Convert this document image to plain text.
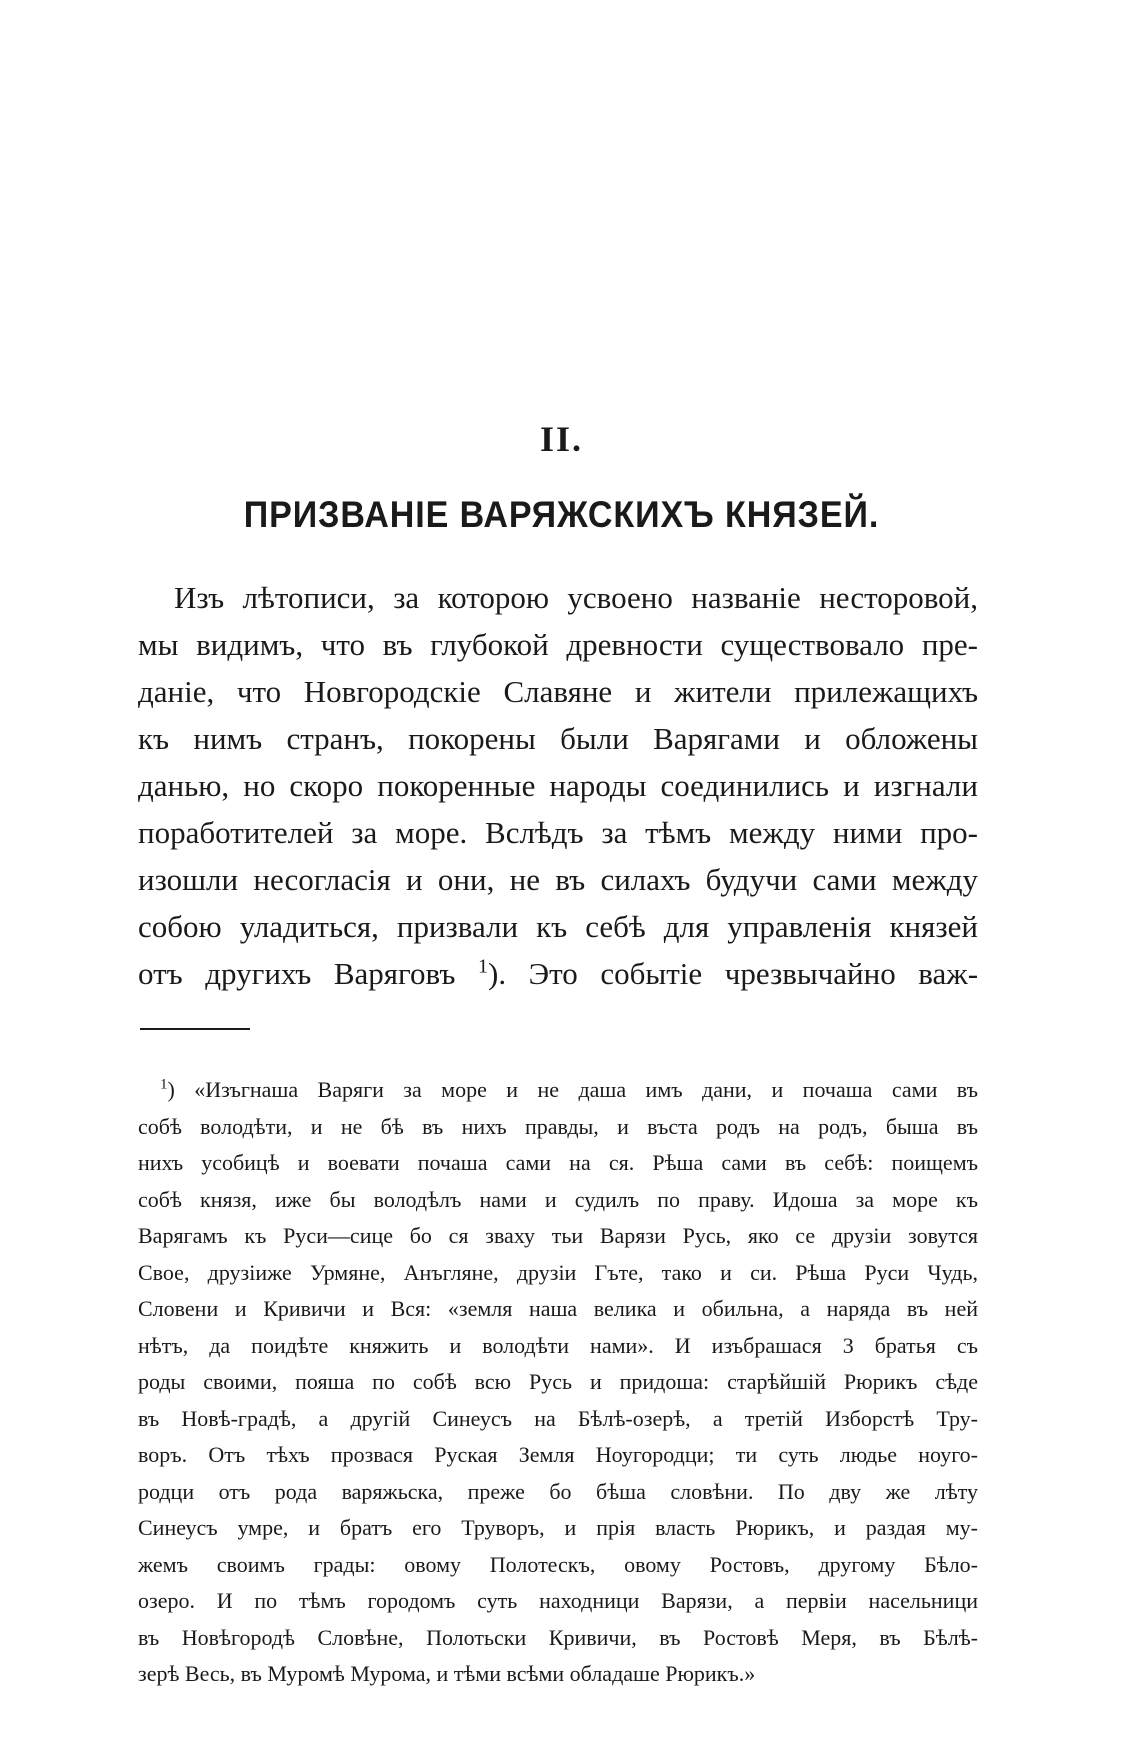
II.
ПРИЗВАНІЕ ВАРЯЖСКИХЪ КНЯЗЕЙ.
Изъ лѣтописи, за которою усвоено названіе несторовой,
мы видимъ, что въ глубокой древности существовало пре-
даніе, что Новгородскіе Славяне и жители прилежащихъ
къ нимъ странъ, покорены были Варягами и обложены
данью, но скоро покоренные народы соединились и изгнали
поработителей за море. Вслѣдъ за тѣмъ между ними про-
изошли несогласія и они, не въ силахъ будучи сами между
собою уладиться, призвали къ себѣ для управленія князей
отъ другихъ Варяговъ $^1$). Это событіе чрезвычайно важ-
$^1$) «Изъгнаша Варяги за море и не даша имъ дани, и почаша сами въ
собѣ володѣти, и не бѣ въ нихъ правды, и въста родъ на родъ, быша въ
нихъ усобицѣ и воевати почаша сами на ся. Рѣша сами въ себѣ: поищемъ
собѣ князя, иже бы володѣлъ нами и судилъ по праву. Идоша за море къ
Варягамъ къ Руси—сице бо ся зваху тьи Варязи Русь, яко се друзіи зовутся
Свое, друзіиже Урмяне, Анъгляне, друзіи Гъте, тако и си. Рѣша Руси Чудь,
Словени и Кривичи и Вся: «земля наша велика и обильна, а наряда въ ней
нѣтъ, да поидѣте княжить и володѣти нами». И изъбрашася 3 братья съ
роды своими, пояша по собѣ всю Русь и придоша: старѣйшій Рюрикъ сѣде
въ Новѣ-градѣ, а другій Синеусъ на Бѣлѣ-озерѣ, а третій Изборстѣ Тру-
воръ. Отъ тѣхъ прозвася Руская Земля Ноугородци; ти суть людье ноуго-
родци отъ рода варяжьска, преже бо бѣша словѣни. По дву же лѣту
Синеусъ умре, и братъ его Труворъ, и прія власть Рюрикъ, и раздая му-
жемъ своимъ грады: овому Полотескъ, овому Ростовъ, другому Бѣло-
озеро. И по тѣмъ городомъ суть находници Варязи, а первіи насельници
въ Новѣгородѣ Словѣне, Полотьски Кривичи, въ Ростовѣ Меря, въ Бѣлѣ-
зерѣ Весь, въ Муромѣ Мурома, и тѣми всѣми обладаше Рюрикъ.»
